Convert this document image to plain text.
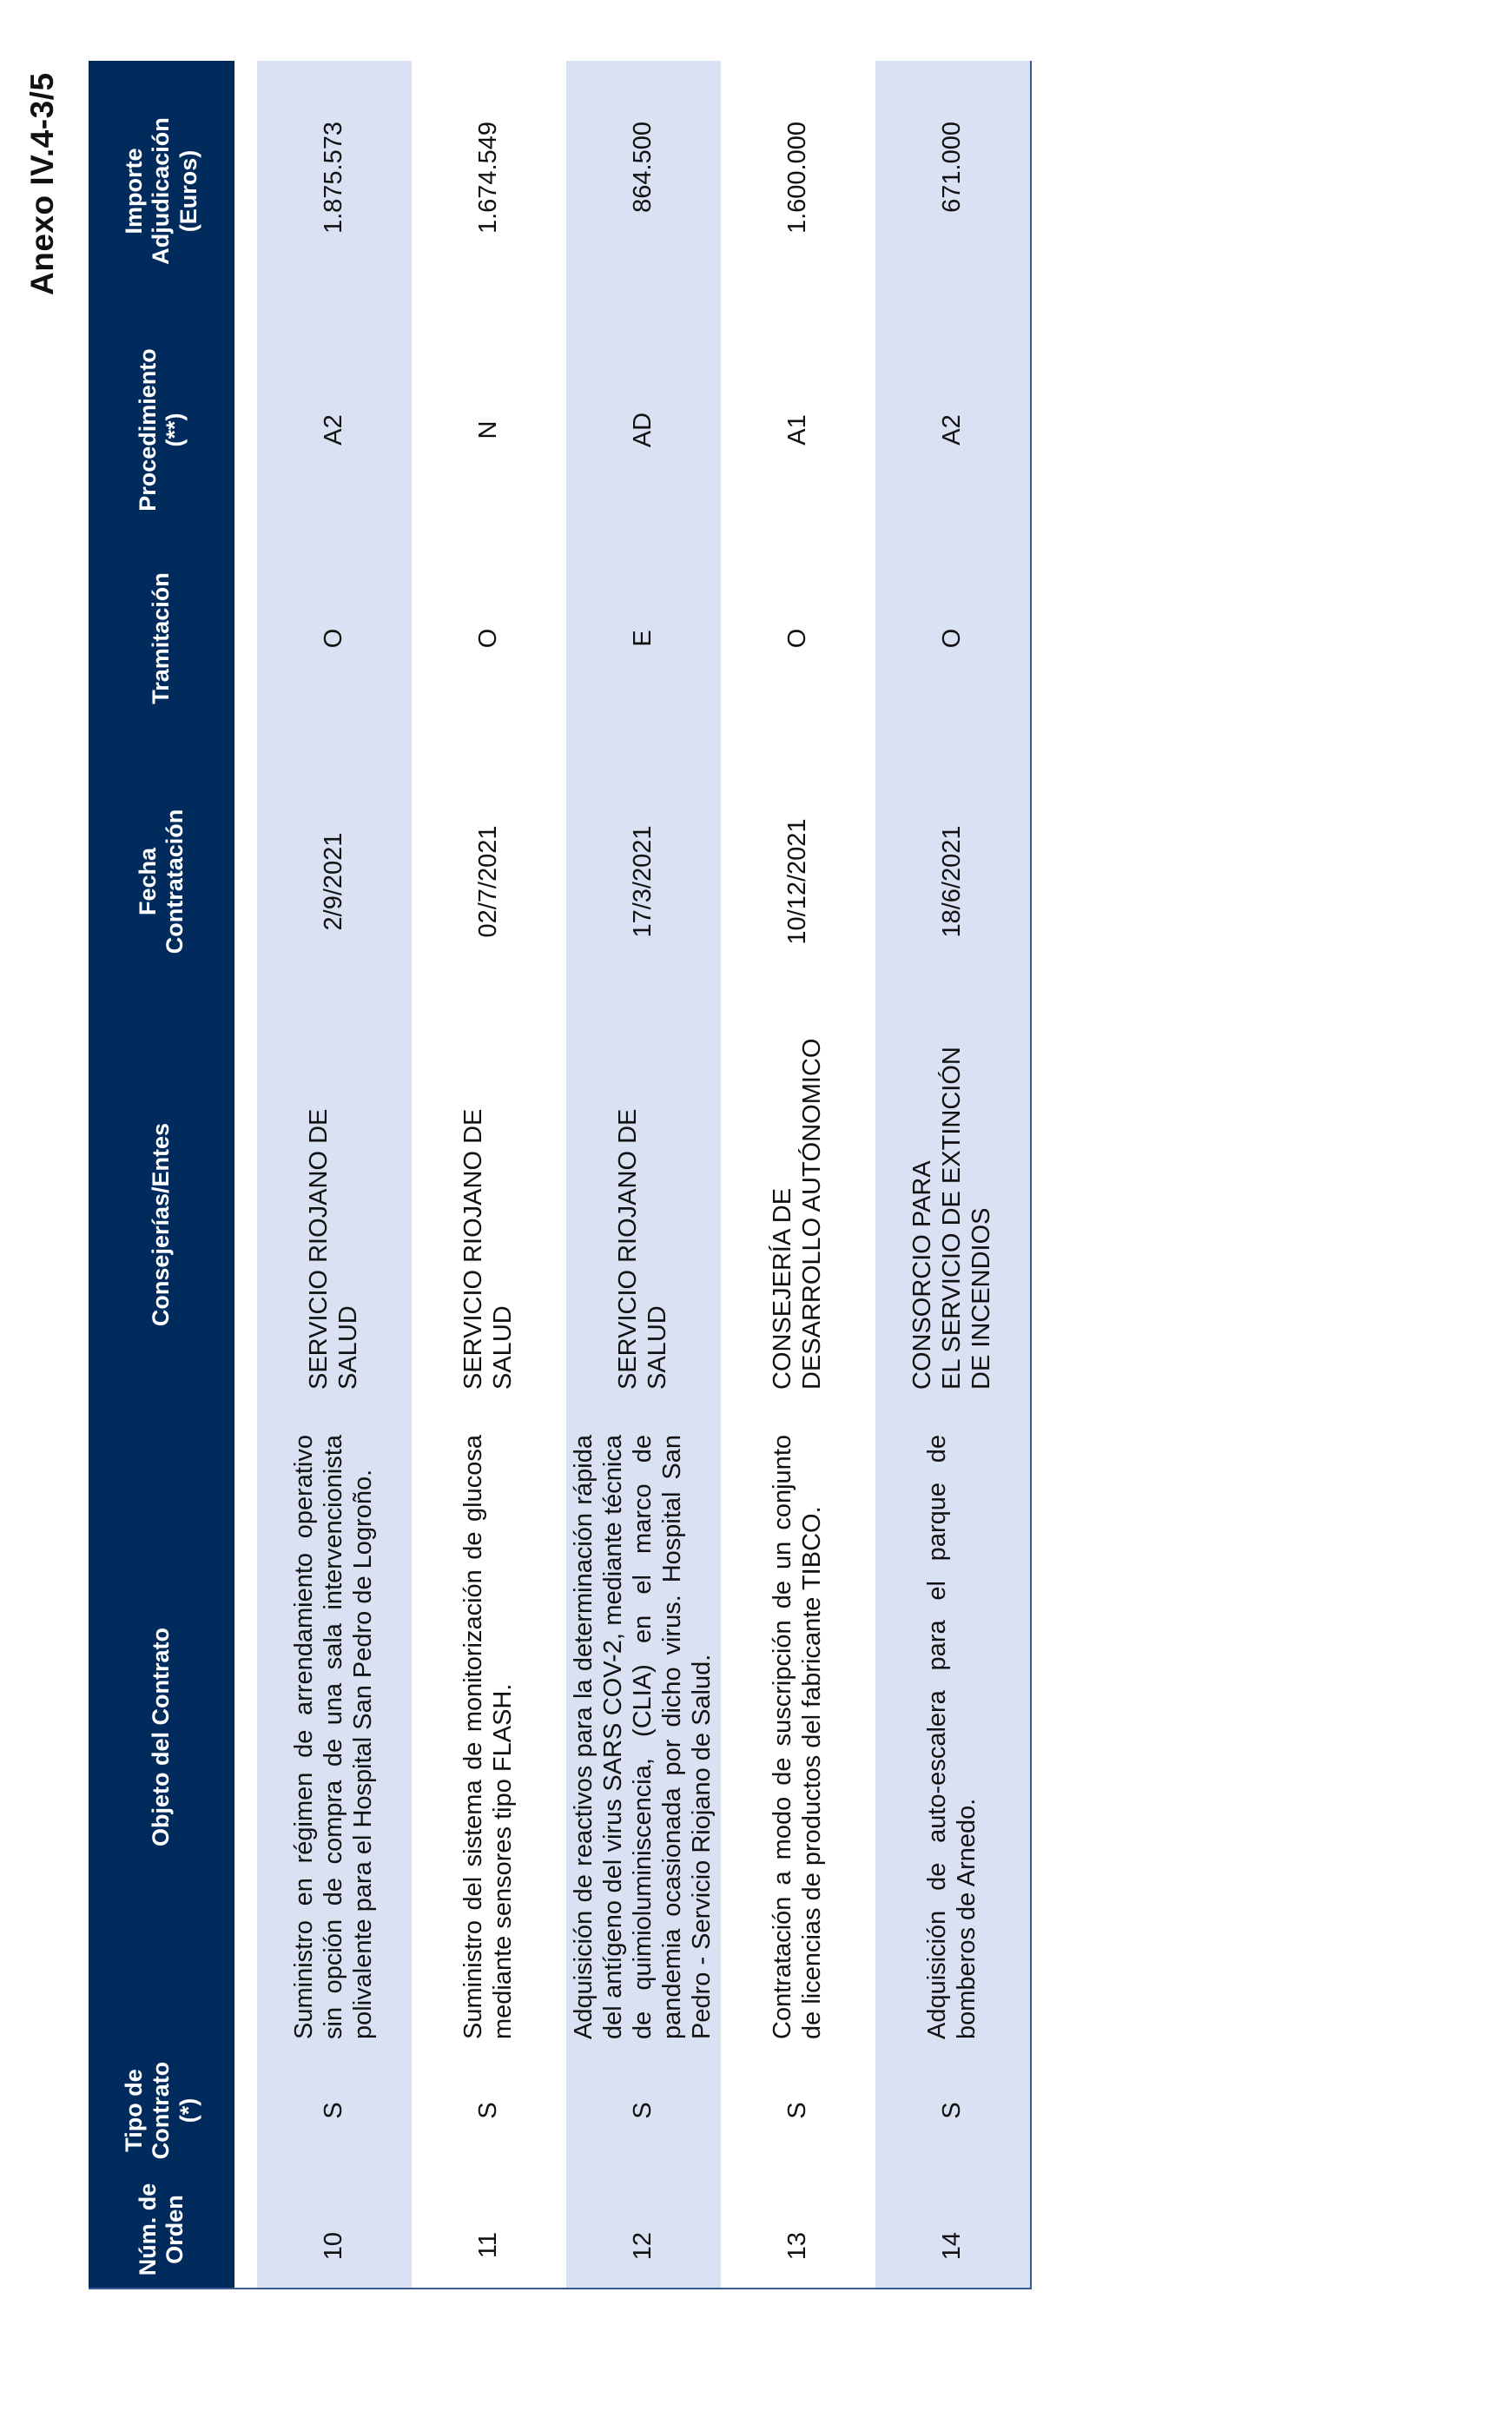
Anexo IV.4-3/5
Núm. de Orden	Tipo de Contrato (*)	Objeto del Contrato	Consejerías/Entes	Fecha Contratación	Tramitación	Procedimiento (**)	Importe Adjudicación (Euros)

10	S	Suministro en régimen de arrendamiento operativo sin opción de compra de una sala intervencionista polivalente para el Hospital San Pedro de Logroño.	SERVICIO RIOJANO DE SALUD	2/9/2021	O	A2	1.875.573
11	S	Suministro del sistema de monitorización de glucosa mediante sensores tipo FLASH.	SERVICIO RIOJANO DE SALUD	02/7/2021	O	N	1.674.549
12	S	Adquisición de reactivos para la determinación rápida del antígeno del virus SARS COV-2, mediante técnica de quimioluminiscencia, (CLIA) en el marco de pandemia ocasionada por dicho virus. Hospital San Pedro - Servicio Riojano de Salud.	SERVICIO RIOJANO DE SALUD	17/3/2021	E	AD	864.500
13	S	Contratación a modo de suscripción de un conjunto de licencias de productos del fabricante TIBCO.	CONSEJERÍA DE DESARROLLO AUTÓNOMICO	10/12/2021	O	A1	1.600.000
14	S	Adquisición de auto-escalera para el parque de bomberos de Arnedo.	CONSORCIO PARA EL SERVICIO DE EXTINCIÓN DE INCENDIOS	18/6/2021	O	A2	671.000
